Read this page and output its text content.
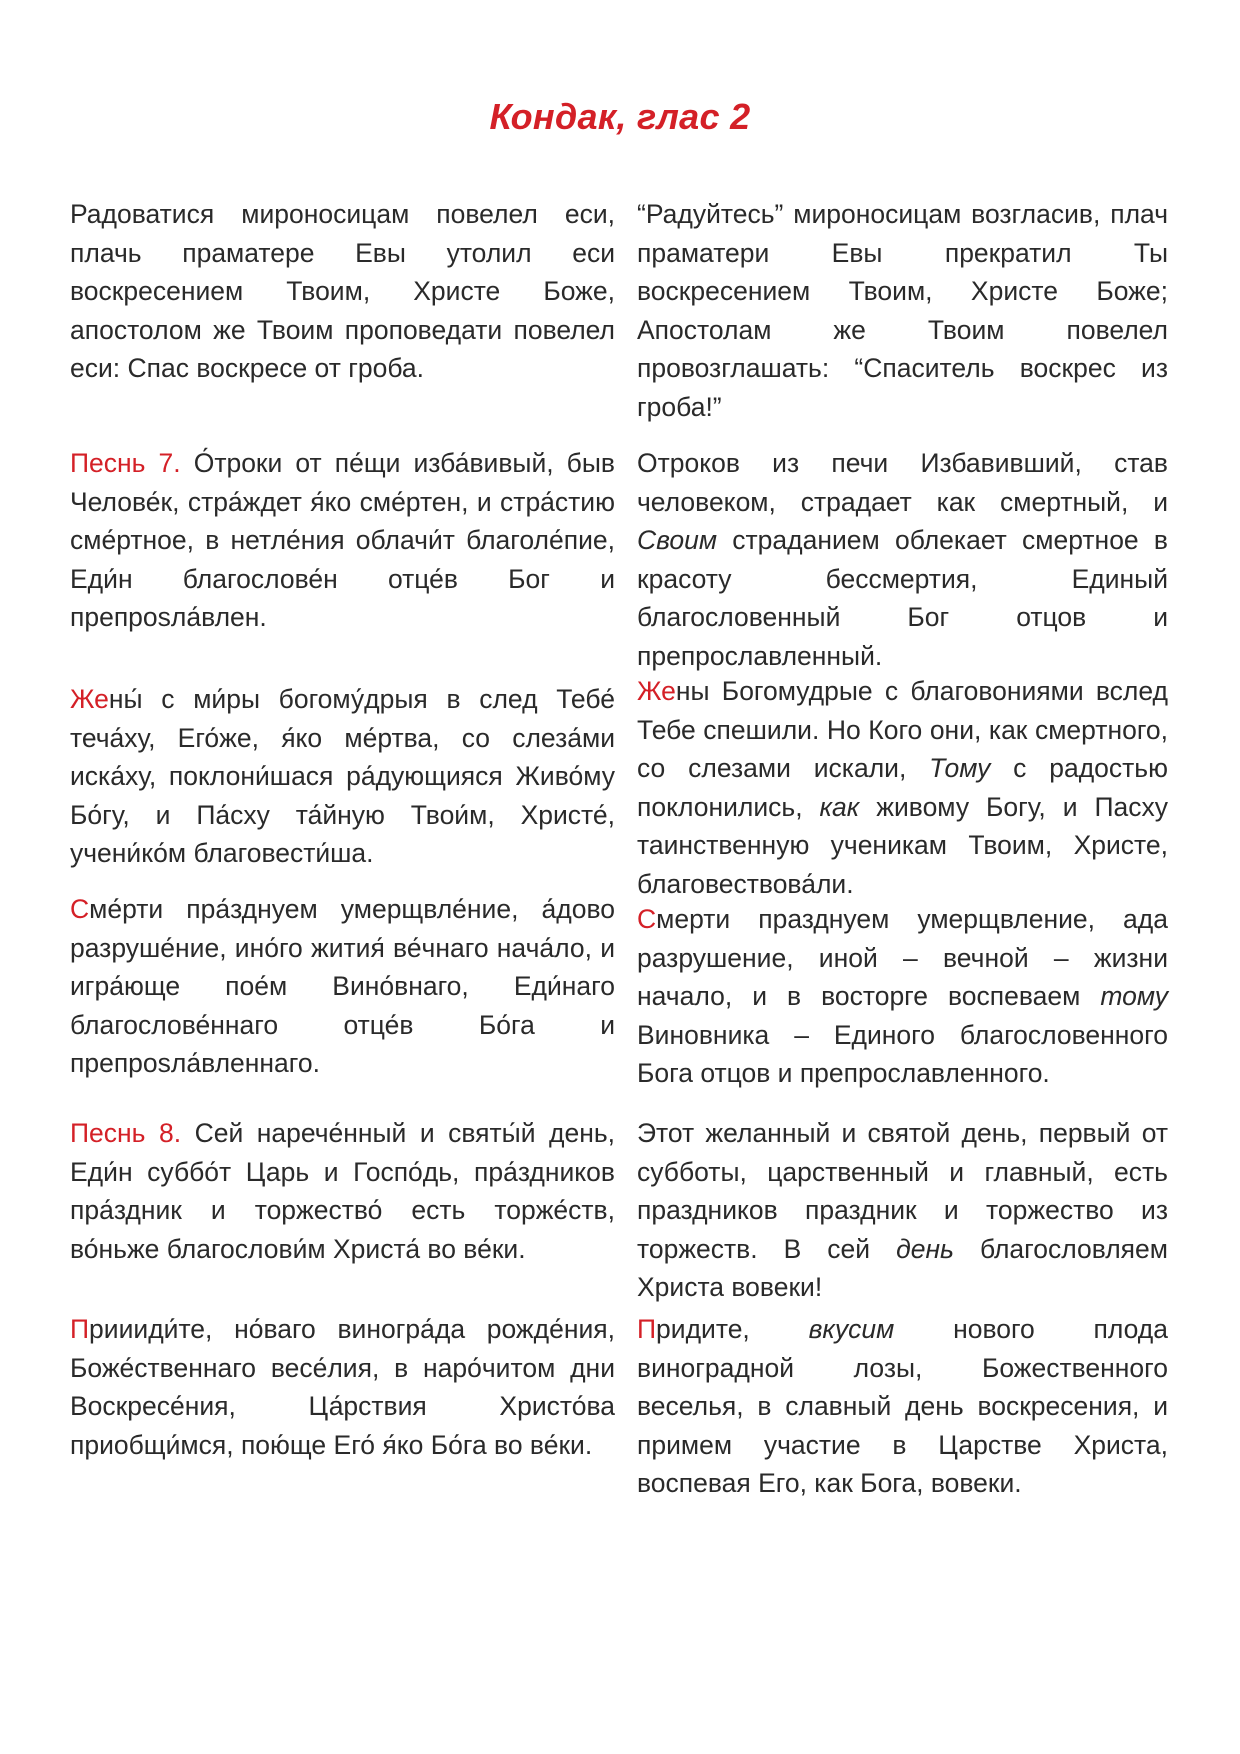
Кондак, глас 2
Радоватися мироносицам повелел еси, плачь праматере Евы утолил еси воскресением Твоим, Христе Боже, апостолом же Твоим проповедати повелел еси: Спас воскресе от гроба.
“Радуйтесь” мироносицам возгласив, плач праматери Евы прекратил Ты воскресением Твоим, Христе Боже; Апостолам же Твоим повелел провозглашать: “Спаситель воскрес из гроба!”
Песнь 7. О́троки от пе́щи изба́вивый, быв Челове́к, стра́ждет я́ко сме́ртен, и стра́стию сме́ртное, в нетле́ния облачи́т благоле́пие, Еди́н благослове́н отце́в Бог и препрosла́влен.
Отроков из печи Избавивший, став человеком, страдает как смертный, и Своим страданием облекает смертное в красоту бессмертия, Единый благословенный Бог отцов и препрославленный.
Жены́ с ми́ры богому́дрыя в след Тебе́ теча́ху, Его́же, я́ко ме́ртва, со слеза́ми иска́ху, поклони́шася ра́дующияся Живо́му Бо́гу, и Па́сху та́йную Твои́м, Христе́, учени́ко́м благовести́ша.
Жены Богомудрые с благовониями вслед Тебе спешили. Но Кого они, как смертного, со слезами искали, Тому с радостью поклонились, как живому Богу, и Пасху таинственную ученикам Твоим, Христе, благовествова́ли.
Сме́рти пра́зднуем умерщвле́ние, а́дово разруше́ние, ино́го жития́ ве́чнаго нача́ло, и игра́юще пое́м Вино́внаго, Еди́наго благослове́ннаго отце́в Бо́га и препрosла́вленнаго.
Смерти празднуем умерщвление, ада разрушение, иной – вечной – жизни начало, и в восторге воспеваем тому Виновника – Единого благословенного Бога отцов и препрославленного.
Песнь 8. Сей нарече́нный и святы́й день, Еди́н суббо́т Царь и Госпо́дь, пра́здников пра́здник и торжество́ есть торже́ств, во́ньже благослови́м Христа́ во ве́ки.
Этот желанный и святой день, первый от субботы, царственный и главный, есть праздников праздник и торжество из торжеств. В сей день благословляем Христа вовеки!
Приииди́те, но́ваго виногра́да рожде́ния, Боже́ственнаго весе́лия, в наро́читом дни Воскресе́ния, Ца́рствия Христо́ва приобщи́мся, пою́ще Его́ я́ко Бо́га во ве́ки.
Придите, вкусим нового плода виноградной лозы, Божественного веселья, в славный день воскресения, и примем участие в Царстве Христа, воспевая Его, как Бога, вовеки.
